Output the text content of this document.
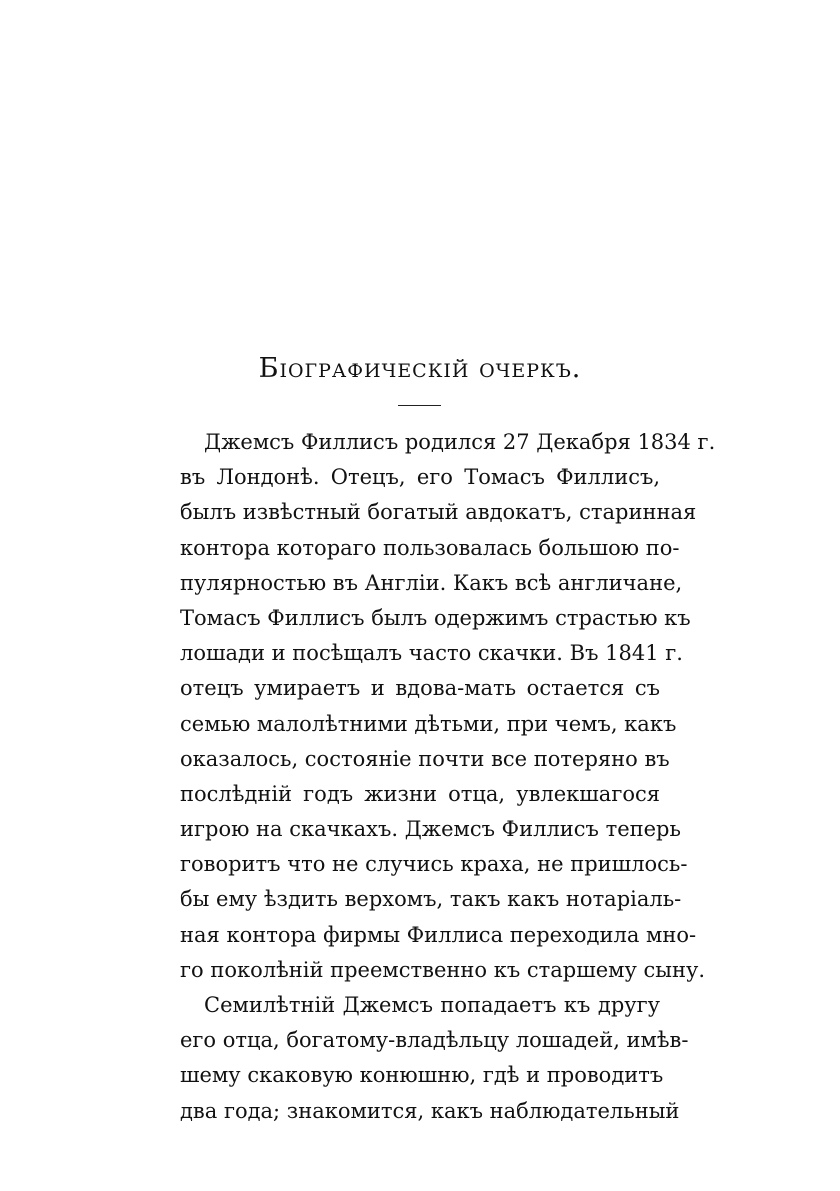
Біографическій очеркъ.
Джемсъ Филлисъ родился 27 Декабря 1834 г.
въ Лондонѣ. Отецъ, его Томасъ Филлисъ,
былъ извѣстный богатый авдокатъ, старинная
контора котораго пользовалась большою по-
пулярностью въ Англіи. Какъ всѣ англичане,
Томасъ Филлисъ былъ одержимъ страстью къ
лошади и посѣщалъ часто скачки. Въ 1841 г.
отецъ умираетъ и вдова-мать остается съ
семью малолѣтними дѣтьми, при чемъ, какъ
оказалось, состояніе почти все потеряно въ
послѣдній годъ жизни отца, увлекшагося
игрою на скачкахъ. Джемсъ Филлисъ теперь
говоритъ что не случись краха, не пришлось-
бы ему ѣздить верхомъ, такъ какъ нотаріаль-
ная контора фирмы Филлиса переходила мно-
го поколѣній преемственно къ старшему сыну.
Семилѣтній Джемсъ попадаетъ къ другу
его отца, богатому-владѣльцу лошадей, имѣв-
шему скаковую конюшню, гдѣ и проводитъ
два года; знакомится, какъ наблюдательный
